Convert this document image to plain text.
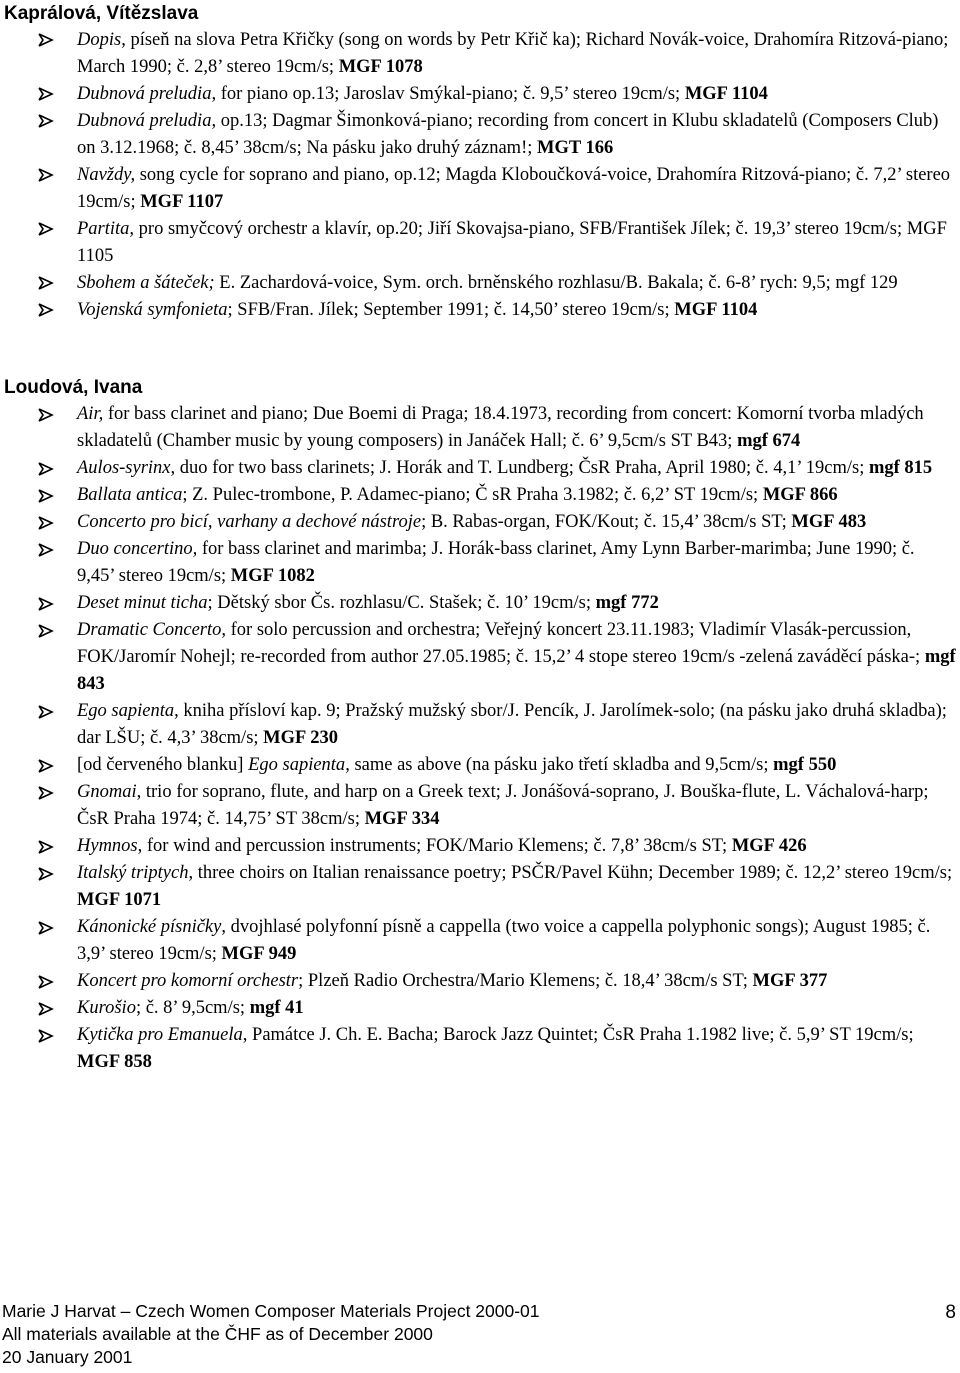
Kaprálová, Vítězslava
Dopis, píseň na slova Petra Křičky (song on words by Petr Křič ka); Richard Novák-voice, Drahomíra Ritzová-piano; March 1990; č. 2,8’ stereo 19cm/s; MGF 1078
Dubnová preludia, for piano op.13; Jaroslav Smýkal-piano; č. 9,5’ stereo 19cm/s; MGF 1104
Dubnová preludia, op.13; Dagmar Šimonková-piano; recording from concert in Klubu skladatelů (Composers Club) on 3.12.1968; č. 8,45’ 38cm/s; Na pásku jako druhý záznam!; MGT 166
Navždy, song cycle for soprano and piano, op.12; Magda Kloboučková-voice, Drahomíra Ritzová-piano; č. 7,2’ stereo 19cm/s; MGF 1107
Partita, pro smyčcový orchestr a klavír, op.20; Jiří Skovajsa-piano, SFB/František Jílek; č. 19,3’ stereo 19cm/s; MGF 1105
Sbohem a šáteček; E. Zachardová-voice, Sym. orch. brněnského rozhlasu/B. Bakala; č. 6-8’ rych: 9,5; mgf 129
Vojenská symfonieta; SFB/Fran. Jílek; September 1991; č. 14,50’ stereo 19cm/s; MGF 1104
Loudová, Ivana
Air, for bass clarinet and piano; Due Boemi di Praga; 18.4.1973, recording from concert: Komorní tvorba mladých skladatelů (Chamber music by young composers) in Janáček Hall; č. 6’ 9,5cm/s ST B43; mgf 674
Aulos-syrinx, duo for two bass clarinets; J. Horák and T. Lundberg; ČsR Praha, April 1980; č. 4,1’ 19cm/s; mgf 815
Ballata antica; Z. Pulec-trombone, P. Adamec-piano; Č sR Praha 3.1982; č. 6,2’ ST 19cm/s; MGF 866
Concerto pro bicí, varhany a dechové nástroje; B. Rabas-organ, FOK/Kout; č. 15,4’ 38cm/s ST; MGF 483
Duo concertino, for bass clarinet and marimba; J. Horák-bass clarinet, Amy Lynn Barber-marimba; June 1990; č. 9,45’ stereo 19cm/s; MGF 1082
Deset minut ticha; Dětský sbor Čs. rozhlasu/C. Stašek; č. 10’ 19cm/s; mgf 772
Dramatic Concerto, for solo percussion and orchestra; Veřejný koncert 23.11.1983; Vladimír Vlasák-percussion, FOK/Jaromír Nohejl; re-recorded from author 27.05.1985; č. 15,2’ 4 stope stereo 19cm/s -zelená zaváděcí páska-; mgf 843
Ego sapienta, kniha přísloví kap. 9; Pražský mužský sbor/J. Pencík, J. Jarolímek-solo; (na pásku jako druhá skladba); dar LŠU; č. 4,3’ 38cm/s; MGF 230
[od červeného blanku] Ego sapienta, same as above (na pásku jako třetí skladba and 9,5cm/s; mgf 550
Gnomai, trio for soprano, flute, and harp on a Greek text; J. Jonášová-soprano, J. Bouška-flute, L. Váchalová-harp; ČsR Praha 1974; č. 14,75’ ST 38cm/s; MGF 334
Hymnos, for wind and percussion instruments; FOK/Mario Klemens; č. 7,8’ 38cm/s ST; MGF 426
Italský triptych, three choirs on Italian renaissance poetry; PSČR/Pavel Kühn; December 1989; č. 12,2’ stereo 19cm/s; MGF 1071
Kánonické písničky, dvojhlasé polyfonní písně a cappella (two voice a cappella polyphonic songs); August 1985; č. 3,9’ stereo 19cm/s; MGF 949
Koncert pro komorní orchestr; Plzeň Radio Orchestra/Mario Klemens; č. 18,4’ 38cm/s ST; MGF 377
Kurošio; č. 8’ 9,5cm/s; mgf 41
Kytička pro Emanuela, Památce J. Ch. E. Bacha; Barock Jazz Quintet; ČsR Praha 1.1982 live; č. 5,9’ ST 19cm/s; MGF 858
Marie J Harvat – Czech Women Composer Materials Project 2000-01
All materials available at the ČHF as of December 2000
20 January 2001
8
